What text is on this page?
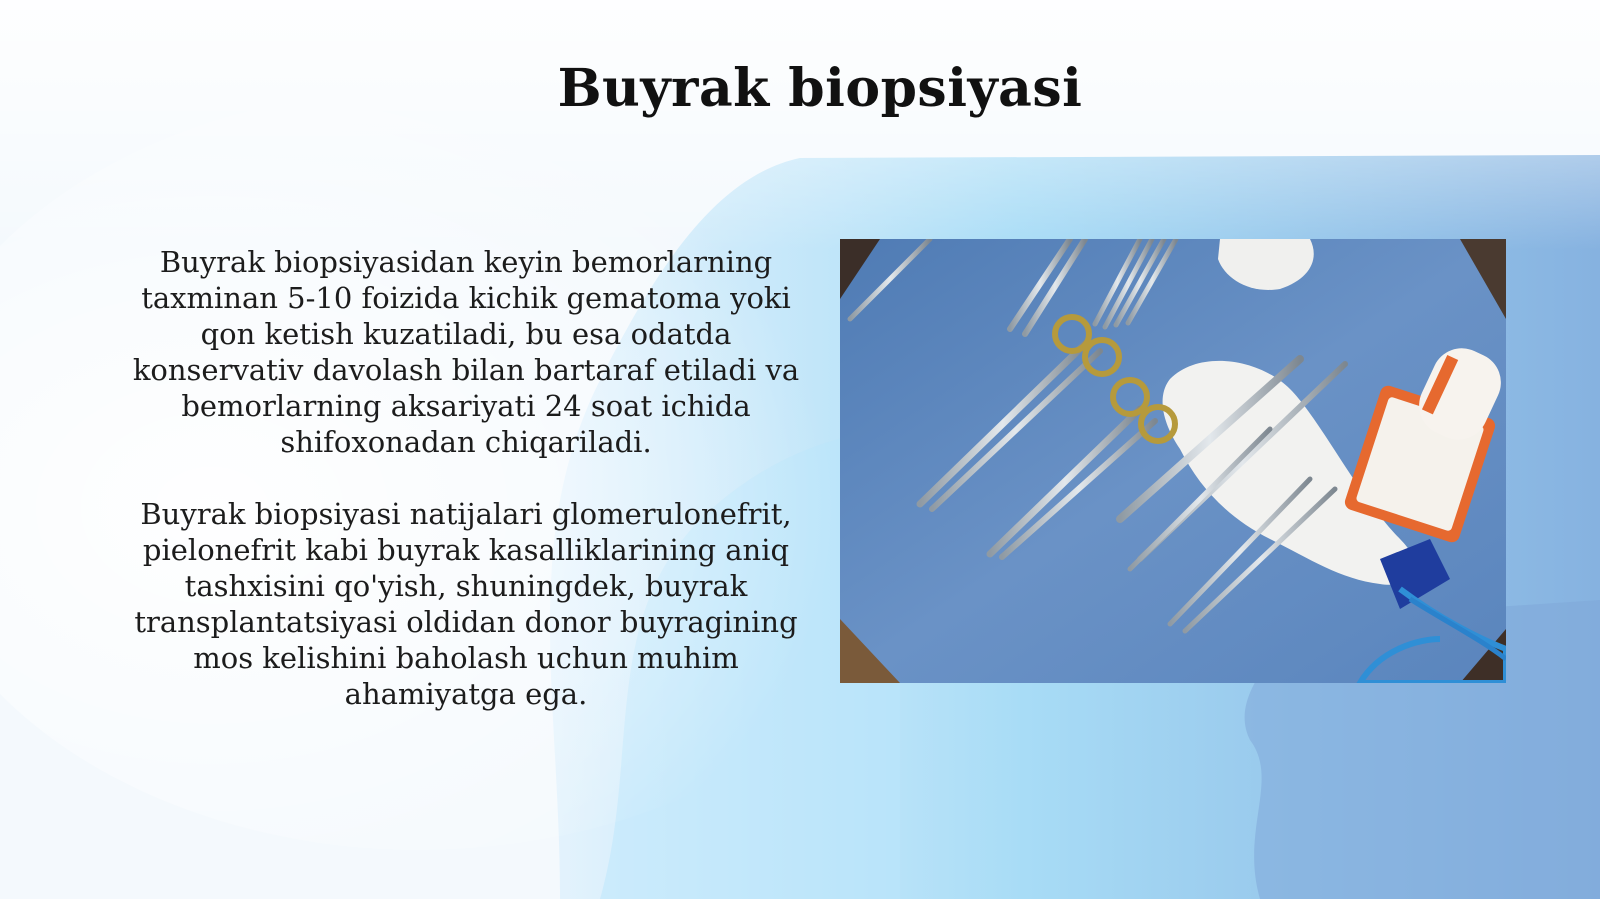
Buyrak biopsiyasi

Buyrak biopsiyasidan keyin bemorlarning taxminan 5-10 foizida kichik gematoma yoki qon ketish kuzatiladi, bu esa odatda konservativ davolash bilan bartaraf etiladi va bemorlarning aksariyati 24 soat ichida shifoxonadan chiqariladi.

Buyrak biopsiyasi natijalari glomerulonefrit, pielonefrit kabi buyrak kasalliklarining aniq tashxisini qo'yish, shuningdek, buyrak transplantatsiyasi oldidan donor buyragining mos kelishini baholash uchun muhim ahamiyatga ega.
